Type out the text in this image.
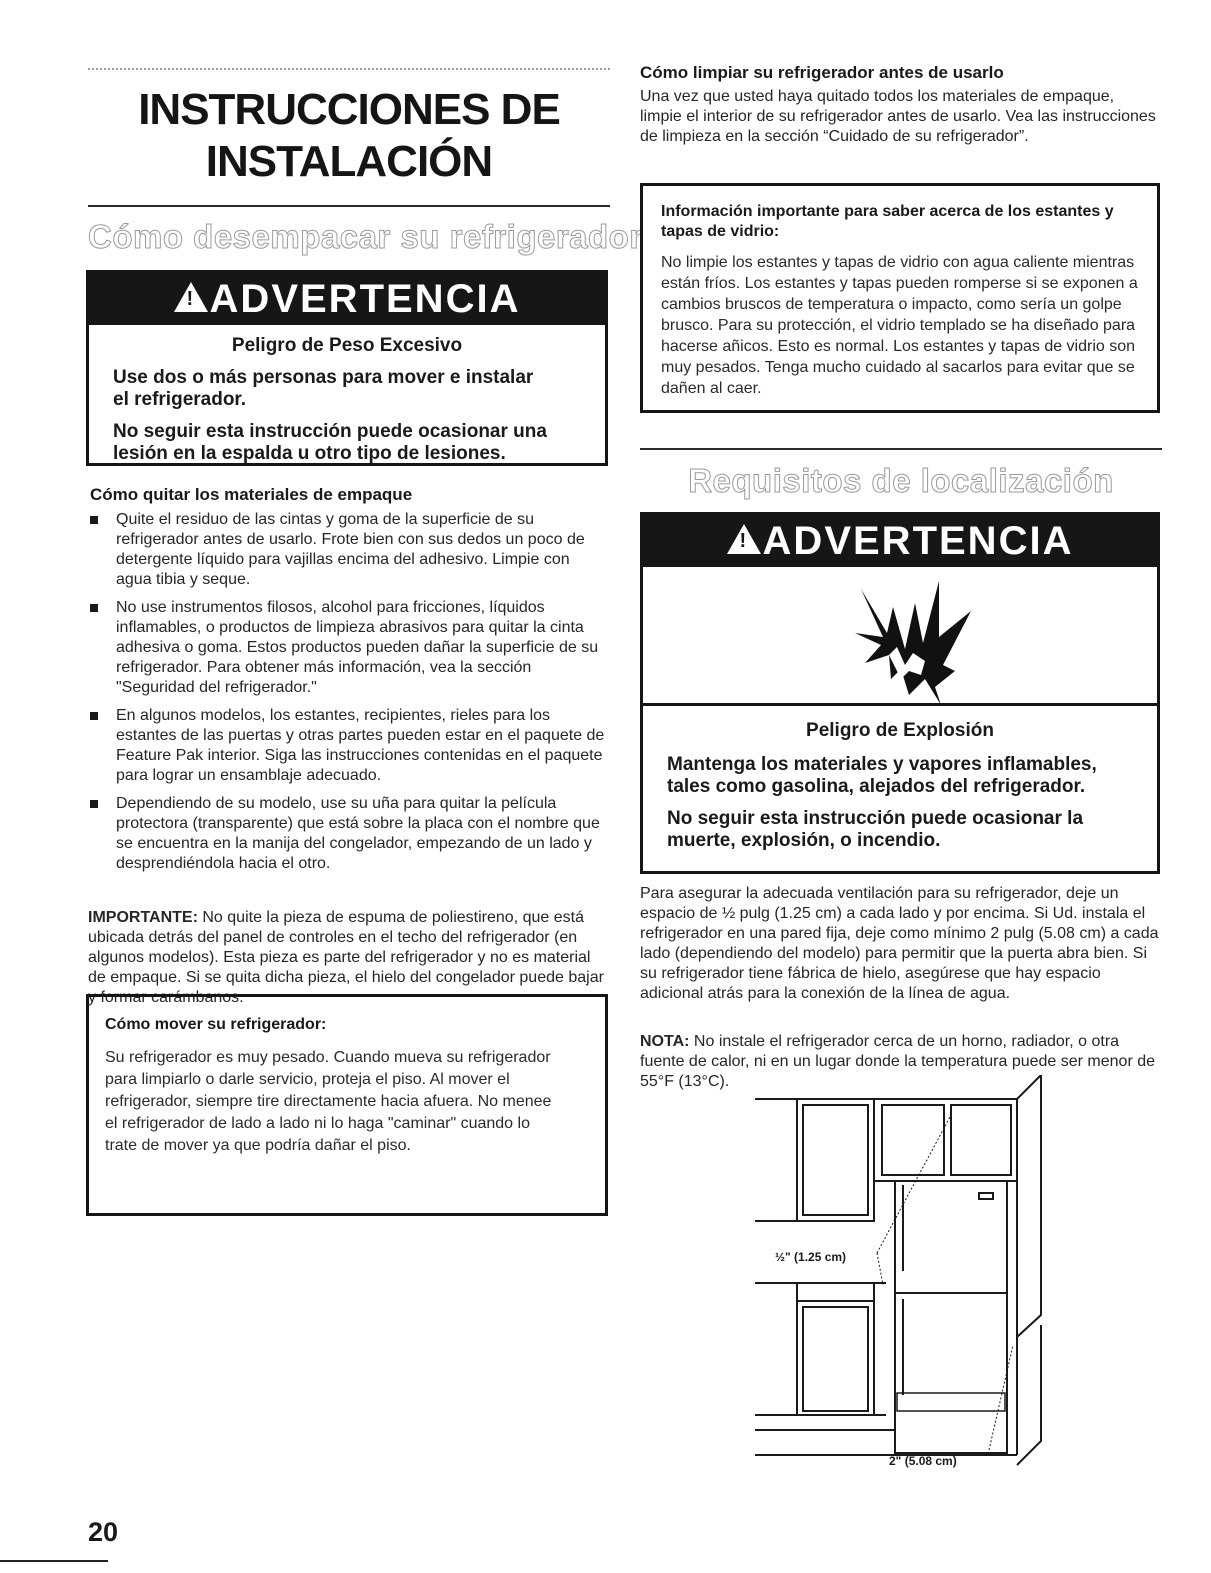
INSTRUCCIONES DE INSTALACIÓN
Cómo desempacar su refrigerador
!
ADVERTENCIA
Peligro de Peso Excesivo
Use dos o más personas para mover e instalar el refrigerador.
No seguir esta instrucción puede ocasionar una lesión en la espalda u otro tipo de lesiones.
Cómo quitar los materiales de empaque
Quite el residuo de las cintas y goma de la superficie de su refrigerador antes de usarlo. Frote bien con sus dedos un poco de detergente líquido para vajillas encima del adhesivo. Limpie con agua tibia y seque.
No use instrumentos filosos, alcohol para fricciones, líquidos inflamables, o productos de limpieza abrasivos para quitar la cinta adhesiva o goma. Estos productos pueden dañar la superficie de su refrigerador. Para obtener más información, vea la sección "Seguridad del refrigerador."
En algunos modelos, los estantes, recipientes, rieles para los estantes de las puertas y otras partes pueden estar en el paquete de Feature Pak interior. Siga las instrucciones contenidas en el paquete para lograr un ensamblaje adecuado.
Dependiendo de su modelo, use su uña para quitar la película protectora (transparente) que está sobre la placa con el nombre que se encuentra en la manija del congelador, empezando de un lado y desprendiéndola hacia el otro.
IMPORTANTE: No quite la pieza de espuma de poliestireno, que está ubicada detrás del panel de controles en el techo del refrigerador (en algunos modelos). Esta pieza es parte del refrigerador y no es material de empaque. Si se quita dicha pieza, el hielo del congelador puede bajar y formar carámbanos.
Cómo mover su refrigerador:
Su refrigerador es muy pesado. Cuando mueva su refrigerador para limpiarlo o darle servicio, proteja el piso. Al mover el refrigerador, siempre tire directamente hacia afuera. No menee el refrigerador de lado a lado ni lo haga "caminar" cuando lo trate de mover ya que podría dañar el piso.
Cómo limpiar su refrigerador antes de usarlo
Una vez que usted haya quitado todos los materiales de empaque, limpie el interior de su refrigerador antes de usarlo. Vea las instrucciones de limpieza en la sección “Cuidado de su refrigerador”.
Información importante para saber acerca de los estantes y tapas de vidrio:
No limpie los estantes y tapas de vidrio con agua caliente mientras están fríos. Los estantes y tapas pueden romperse si se exponen a cambios bruscos de temperatura o impacto, como sería un golpe brusco. Para su protección, el vidrio templado se ha diseñado para hacerse añicos. Esto es normal. Los estantes y tapas de vidrio son muy pesados. Tenga mucho cuidado al sacarlos para evitar que se dañen al caer.
Requisitos de localización
!
ADVERTENCIA
Peligro de Explosión
Mantenga los materiales y vapores inflamables, tales como gasolina, alejados del refrigerador.
No seguir esta instrucción puede ocasionar la muerte, explosión, o incendio.
Para asegurar la adecuada ventilación para su refrigerador, deje un espacio de ½ pulg (1.25 cm) a cada lado y por encima. Si Ud. instala el refrigerador en una pared fija, deje como mínimo 2 pulg (5.08 cm) a cada lado (dependiendo del modelo) para permitir que la puerta abra bien. Si su refrigerador tiene fábrica de hielo, asegúrese que hay espacio adicional atrás para la conexión de la línea de agua.
NOTA: No instale el refrigerador cerca de un horno, radiador, o otra fuente de calor, ni en un lugar donde la temperatura puede ser menor de 55°F (13°C).
½" (1.25 cm)
2" (5.08 cm)
20
